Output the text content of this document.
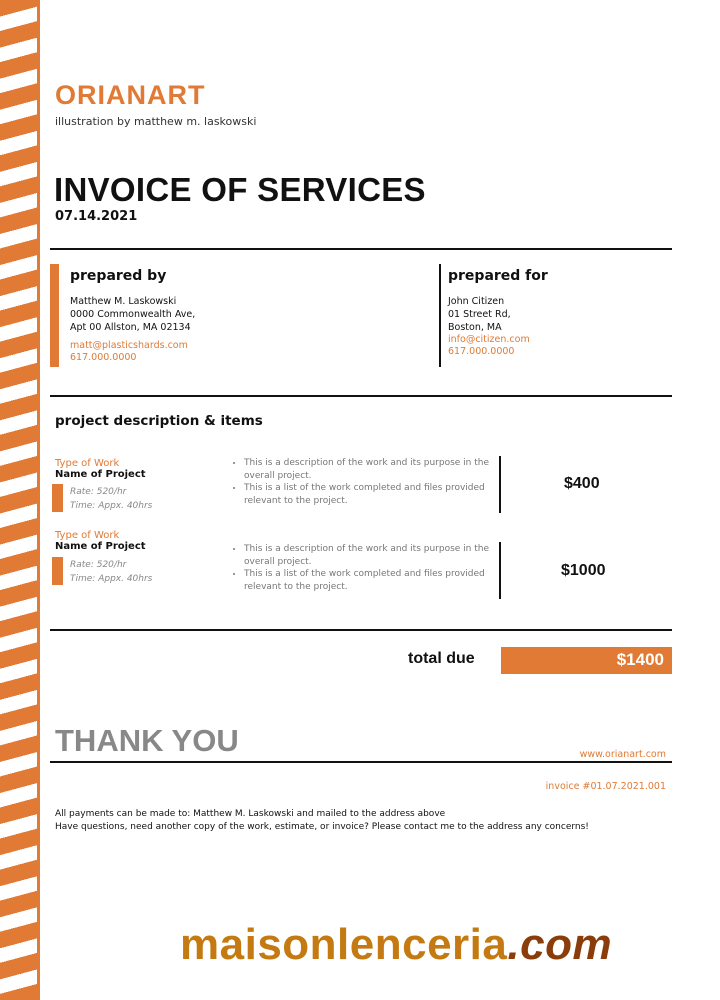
ORIANART
illustration by matthew m. laskowski
INVOICE OF SERVICES
07.14.2021
prepared by
Matthew M. Laskowski
0000 Commonwealth Ave,
Apt 00 Allston, MA 02134
matt@plasticshards.com
617.000.0000
prepared for
John Citizen
01 Street Rd,
Boston, MA
info@citizen.com
617.000.0000
project description & items
Type of Work
Name of Project
Rate: 520/hr
Time: Appx. 40hrs
• This is a description of the work and its purpose in the overall project.
• This is a list of the work completed and files provided relevant to the project.
$400
Type of Work
Name of Project
Rate: 520/hr
Time: Appx. 40hrs
• This is a description of the work and its purpose in the overall project.
• This is a list of the work completed and files provided relevant to the project.
$1000
total due	$1400
THANK YOU	www.orianart.com
invoice #01.07.2021.001
All payments can be made to: Matthew M. Laskowski and mailed to the address above
Have questions, need another copy of the work, estimate, or invoice? Please contact me to the address any concerns!
maisonlenceria.com
